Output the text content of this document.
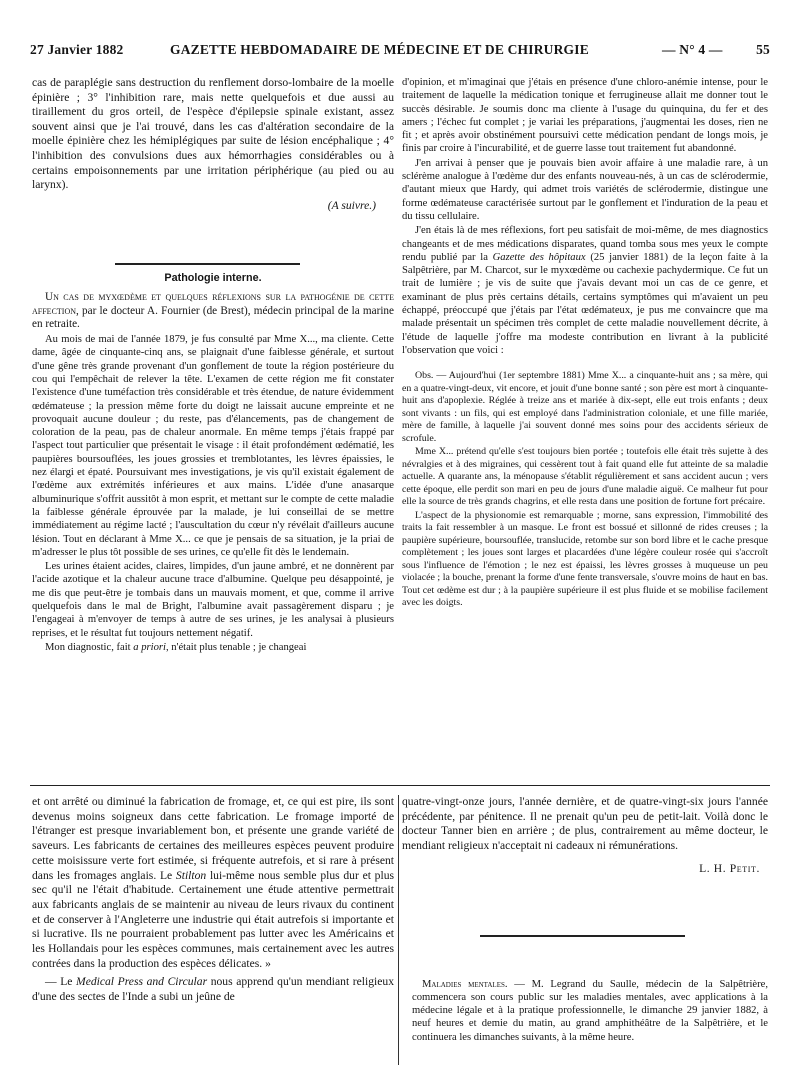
27 Janvier 1882	GAZETTE HEBDOMADAIRE DE MÉDECINE ET DE CHIRURGIE	— N° 4 — 55

cas de paraplégie sans destruction du renflement dorso-lombaire de la moelle épinière ; 3° l'inhibition rare, mais nette quelquefois et due aussi au tiraillement du gros orteil, de l'espèce d'épilepsie spinale existant, assez souvent ainsi que je l'ai trouvé, dans les cas d'altération secondaire de la moelle épinière chez les hémiplégiques par suite de lésion encéphalique ; 4° l'inhibition des convulsions dues aux hémorrhagies considérables ou à certains empoisonnements par une irritation périphérique (au pied ou au larynx).

(A suivre.)
Pathologie interne.

Un cas de myxœdème et quelques réflexions sur la pathogénie de cette affection, par le docteur A. Fournier (de Brest), médecin principal de la marine en retraite.

Au mois de mai de l'année 1879, je fus consulté par Mme X..., ma cliente. Cette dame, âgée de cinquante-cinq ans, se plaignait d'une faiblesse générale, et surtout d'une gêne très grande provenant d'un gonflement de toute la région postérieure du cou qui l'empêchait de relever la tête. L'examen de cette région me fit constater l'existence d'une tuméfaction très considérable et très étendue, de nature évidemment œdémateuse ; la pression même forte du doigt ne laissait aucune empreinte et ne provoquait aucune douleur ; du reste, pas d'élancements, pas de changement de coloration de la peau, pas de chaleur anormale. En même temps j'étais frappé par l'aspect tout particulier que présentait le visage : il était profondément œdématié, les paupières boursouflées, les joues grossies et tremblotantes, les lèvres épaissies, le nez élargi et épaté. Poursuivant mes investigations, je vis qu'il existait également de l'œdème aux extrémités inférieures et aux mains. L'idée d'une anasarque albuminurique s'offrit aussitôt à mon esprit, et mettant sur le compte de cette maladie la faiblesse générale éprouvée par la malade, je lui conseillai de se mettre immédiatement au régime lacté ; l'auscultation du cœur n'y révélait d'ailleurs aucune lésion. Tout en déclarant à Mme X... ce que je pensais de sa situation, je la priai de m'adresser le plus tôt possible de ses urines, ce qu'elle fit dès le lendemain.

Les urines étaient acides, claires, limpides, d'un jaune ambré, et ne donnèrent par l'acide azotique et la chaleur aucune trace d'albumine. Quelque peu désappointé, je me dis que peut-être je tombais dans un mauvais moment, et que, comme il arrive quelquefois dans le mal de Bright, l'albumine avait passagèrement disparu ; je l'engageai à m'envoyer de temps à autre de ses urines, je les analysai à plusieurs reprises, et le résultat fut toujours nettement négatif.

Mon diagnostic, fait a priori, n'était plus tenable ; je changeai

d'opinion, et m'imaginai que j'étais en présence d'une chloro-anémie intense, pour le traitement de laquelle la médication tonique et ferrugineuse allait me donner tout le succès désirable. Je soumis donc ma cliente à l'usage du quinquina, du fer et des amers ; l'échec fut complet ; je variai les préparations, j'augmentai les doses, rien ne fit ; et après avoir obstinément poursuivi cette médication pendant de longs mois, je finis par croire à l'incurabilité, et de guerre lasse tout traitement fut abandonné.

J'en arrivai à penser que je pouvais bien avoir affaire à une maladie rare, à un sclérème analogue à l'œdème dur des enfants nouveau-nés, à un cas de sclérodermie, d'autant mieux que Hardy, qui admet trois variétés de sclérodermie, distingue une forme œdémateuse caractérisée surtout par le gonflement et l'induration de la peau et du tissu cellulaire.

J'en étais là de mes réflexions, fort peu satisfait de moi-même, de mes diagnostics changeants et de mes médications disparates, quand tomba sous mes yeux le compte rendu publié par la Gazette des hôpitaux (25 janvier 1881) de la leçon faite à la Salpêtrière, par M. Charcot, sur le myxœdème ou cachexie pachydermique. Ce fut un trait de lumière ; je vis de suite que j'avais devant moi un cas de ce genre, et examinant de plus près certains détails, certains symptômes qui m'avaient un peu échappé, préoccupé que j'étais par l'état œdémateux, je pus me convaincre que ma malade présentait un spécimen très complet de cette maladie nouvellement décrite, à l'étude de laquelle j'offre ma modeste contribution en livrant à la publicité l'observation que voici :

Obs. — Aujourd'hui (1er septembre 1881) Mme X... a cinquante-huit ans ; sa mère, qui en a quatre-vingt-deux, vit encore, et jouit d'une bonne santé ; son père est mort à cinquante-huit ans d'apoplexie. Réglée à treize ans et mariée à dix-sept, elle eut trois enfants ; deux sont vivants : un fils, qui est employé dans l'administration coloniale, et une fille mariée, mère de famille, à laquelle j'ai souvent donné mes soins pour des accidents sérieux de scrofule.

Mme X... prétend qu'elle s'est toujours bien portée ; toutefois elle était très sujette à des névralgies et à des migraines, qui cessèrent tout à fait quand elle fut atteinte de sa maladie actuelle. A quarante ans, la ménopause s'établit régulièrement et sans accident aucun ; vers cette époque, elle perdit son mari en peu de jours d'une maladie aiguë. Ce malheur fut pour elle la source de très grands chagrins, et elle resta dans une position de fortune fort précaire.

L'aspect de la physionomie est remarquable ; morne, sans expression, l'immobilité des traits la fait ressembler à un masque. Le front est bossué et sillonné de rides creuses ; la paupière supérieure, boursouflée, translucide, retombe sur son bord libre et le cache presque complètement ; les joues sont larges et placardées d'une légère couleur rosée qui s'accroît sous l'influence de l'émotion ; le nez est épaissi, les lèvres grosses à muqueuse un peu violacée ; la bouche, prenant la forme d'une fente transversale, s'ouvre moins de haut en bas. Tout cet œdème est dur ; à la paupière supérieure il est plus fluide et se mobilise facilement avec les doigts.

et ont arrêté ou diminué la fabrication de fromage, et, ce qui est pire, ils sont devenus moins soigneux dans cette fabrication. Le fromage importé de l'étranger est presque invariablement bon, et présente une grande variété de saveurs. Les fabricants de certaines des meilleures espèces peuvent produire cette moisissure verte fort estimée, si fréquente autrefois, et si rare à présent dans les fromages anglais. Le Stilton lui-même nous semble plus dur et plus sec qu'il ne l'était d'habitude. Certainement une étude attentive permettrait aux fabricants anglais de se maintenir au niveau de leurs rivaux du continent et de conserver à l'Angleterre une industrie qui était autrefois si importante et si lucrative. Ils ne pourraient probablement pas lutter avec les Américains et les Hollandais pour les espèces communes, mais certainement avec les autres contrées dans la production des espèces délicates. »

— Le Medical Press and Circular nous apprend qu'un mendiant religieux d'une des sectes de l'Inde a subi un jeûne de

quatre-vingt-onze jours, l'année dernière, et de quatre-vingt-six jours l'année précédente, par pénitence. Il ne prenait qu'un peu de petit-lait. Voilà donc le docteur Tanner bien en arrière ; de plus, contrairement au même docteur, le mendiant religieux n'acceptait ni cadeaux ni rémunérations.

L. H. Petit.

Maladies mentales. — M. Legrand du Saulle, médecin de la Salpêtrière, commencera son cours public sur les maladies mentales, avec applications à la médecine légale et à la pratique professionnelle, le dimanche 29 janvier 1882, à neuf heures et demie du matin, au grand amphithéâtre de la Salpêtrière, et le continuera les dimanches suivants, à la même heure.
